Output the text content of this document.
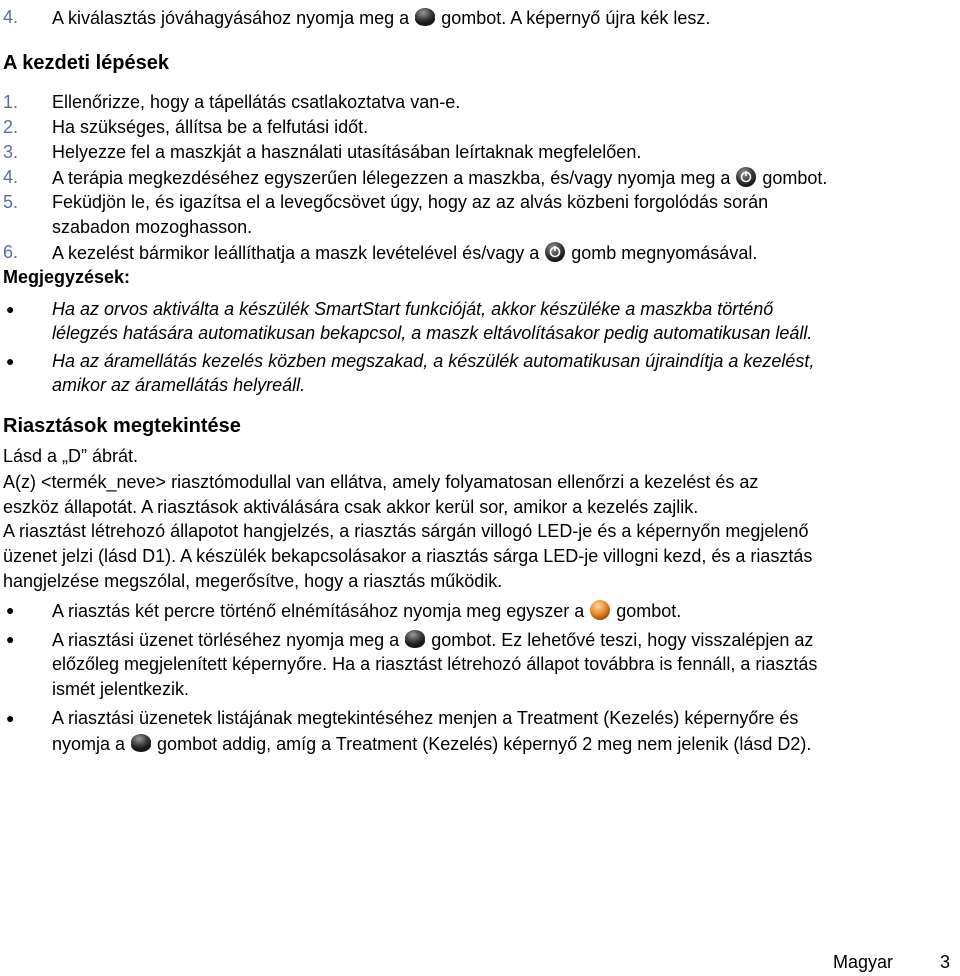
4. A kiválasztás jóváhagyásához nyomja meg a gombot. A képernyő újra kék lesz.
A kezdeti lépések
1. Ellenőrizze, hogy a tápellátás csatlakoztatva van-e.
2. Ha szükséges, állítsa be a felfutási időt.
3. Helyezze fel a maszkját a használati utasításában leírtaknak megfelelően.
4. A terápia megkezdéséhez egyszerűen lélegezzen a maszkba, és/vagy nyomja meg a gombot.
5. Feküdjön le, és igazítsa el a levegőcsövet úgy, hogy az az alvás közbeni forgolódás során
szabadon mozoghasson.
6. A kezelést bármikor leállíthatja a maszk levételével és/vagy a gomb megnyomásával.
Megjegyzések:
● Ha az orvos aktiválta a készülék SmartStart funkcióját, akkor készüléke a maszkba történő
lélegzés hatására automatikusan bekapcsol, a maszk eltávolításakor pedig automatikusan leáll.
● Ha az áramellátás kezelés közben megszakad, a készülék automatikusan újraindítja a kezelést,
amikor az áramellátás helyreáll.
Riasztások megtekintése
Lásd a „D” ábrát.
A(z) <termék_neve> riasztómodullal van ellátva, amely folyamatosan ellenőrzi a kezelést és az
eszköz állapotát. A riasztások aktiválására csak akkor kerül sor, amikor a kezelés zajlik.
A riasztást létrehozó állapotot hangjelzés, a riasztás sárgán villogó LED-je és a képernyőn megjelenő
üzenet jelzi (lásd D1). A készülék bekapcsolásakor a riasztás sárga LED-je villogni kezd, és a riasztás
hangjelzése megszólal, megerősítve, hogy a riasztás működik.
● A riasztás két percre történő elnémításához nyomja meg egyszer a gombot.
● A riasztási üzenet törléséhez nyomja meg a gombot. Ez lehetővé teszi, hogy visszalépjen az
előzőleg megjelenített képernyőre. Ha a riasztást létrehozó állapot továbbra is fennáll, a riasztás
ismét jelentkezik.
● A riasztási üzenetek listájának megtekintéséhez menjen a Treatment (Kezelés) képernyőre és
nyomja a gombot addig, amíg a Treatment (Kezelés) képernyő 2 meg nem jelenik (lásd D2).
Magyar	3
